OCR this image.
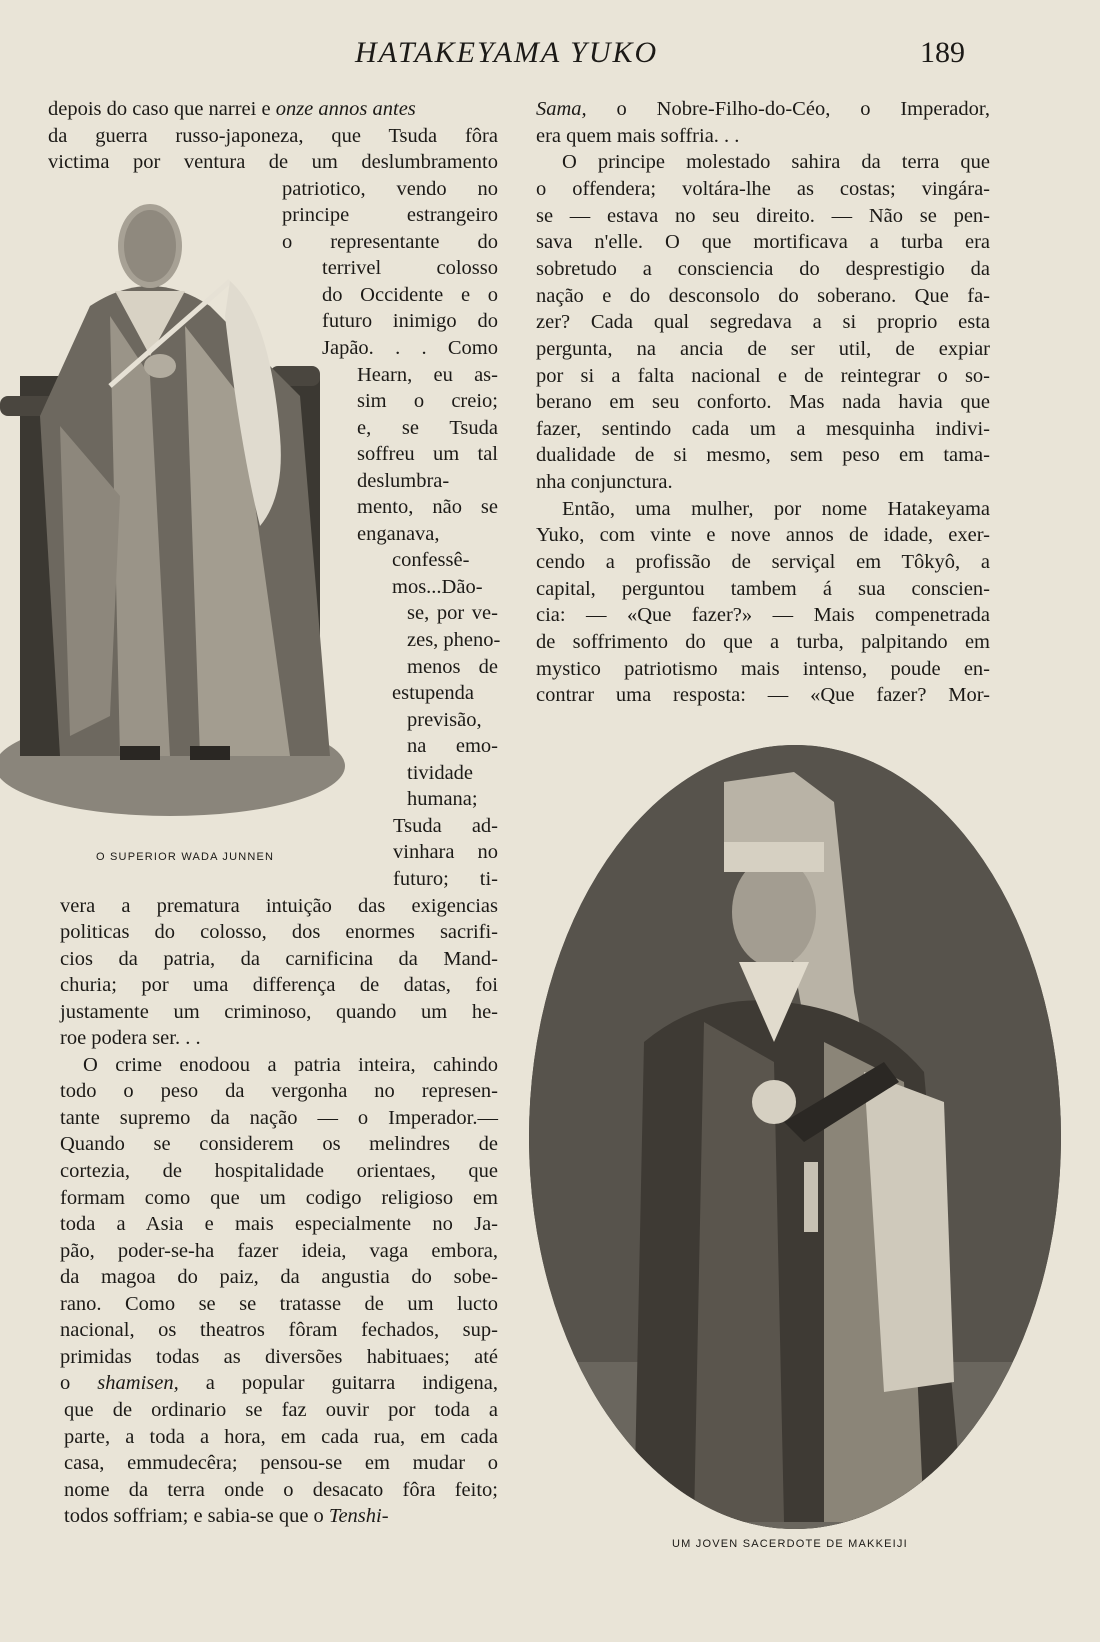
HATAKEYAMA YUKO	189
O SUPERIOR WADA JUNNEN
UM JOVEN SACERDOTE DE MAKKEIJI
depois do caso que narrei e onze annos antes
da guerra russo-japoneza, que Tsuda fôra
victima por ventura de um deslumbramento
patriotico, vendo no
principe estrangeiro
o representante do
terrivel colosso
do Occidente e o
futuro inimigo do
Japão. . . Como
Hearn, eu as-
sim o creio;
e, se Tsuda
soffreu um tal
deslumbra-
mento, não se
enganava,
confessê-
mos...Dão-
se, por ve-
zes, pheno-
menos de
estupenda
previsão,
na emo-
tividade
humana;
Tsuda ad-
vinhara no
futuro; ti-
vera a prematura intuição das exigencias
politicas do colosso, dos enormes sacrifi-
cios da patria, da carnificina da Mand-
churia; por uma differença de datas, foi
justamente um criminoso, quando um he-
roe podera ser. . .
O crime enodoou a patria inteira, cahindo
todo o peso da vergonha no represen-
tante supremo da nação — o Imperador.—
Quando se considerem os melindres de
cortezia, de hospitalidade orientaes, que
formam como que um codigo religioso em
toda a Asia e mais especialmente no Ja-
pão, poder-se-ha fazer ideia, vaga embora,
da magoa do paiz, da angustia do sobe-
rano. Como se se tratasse de um lucto
nacional, os theatros fôram fechados, sup-
primidas todas as diversões habituaes; até
o shamisen, a popular guitarra indigena,
que de ordinario se faz ouvir por toda a
parte, a toda a hora, em cada rua, em cada
casa, emmudecêra; pensou-se em mudar o
nome da terra onde o desacato fôra feito;
todos soffriam; e sabia-se que o Tenshi-
Sama, o Nobre-Filho-do-Céo, o Imperador,
era quem mais soffria. . .
O principe molestado sahira da terra que
o offendera; voltára-lhe as costas; vingára-
se — estava no seu direito. — Não se pen-
sava n'elle. O que mortificava a turba era
sobretudo a consciencia do desprestigio da
nação e do desconsolo do soberano. Que fa-
zer? Cada qual segredava a si proprio esta
pergunta, na ancia de ser util, de expiar
por si a falta nacional e de reintegrar o so-
berano em seu conforto. Mas nada havia que
fazer, sentindo cada um a mesquinha indivi-
dualidade de si mesmo, sem peso em tama-
nha conjunctura.
Então, uma mulher, por nome Hatakeyama
Yuko, com vinte e nove annos de idade, exer-
cendo a profissão de serviçal em Tôkyô, a
capital, perguntou tambem á sua conscien-
cia: — «Que fazer?» — Mais compenetrada
de soffrimento do que a turba, palpitando em
mystico patriotismo mais intenso, poude en-
contrar uma resposta: — «Que fazer? Mor-
